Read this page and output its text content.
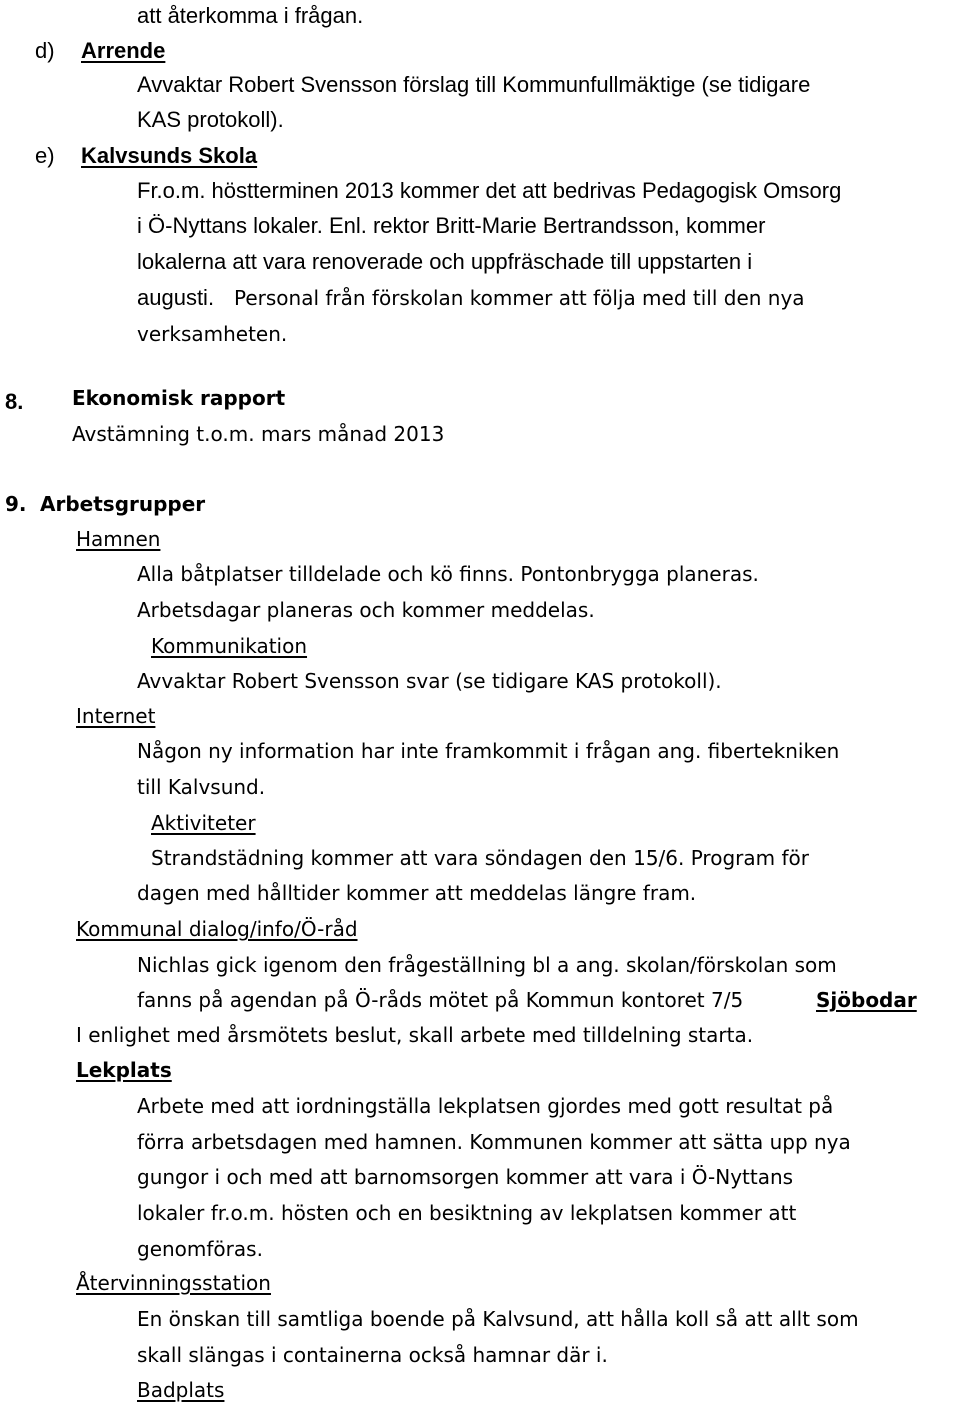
att återkomma i frågan.
d) Arrende
Avvaktar Robert Svensson förslag till Kommunfullmäktige (se tidigare
KAS protokoll).
e) Kalvsunds Skola
Fr.o.m. höstterminen 2013 kommer det att bedrivas Pedagogisk Omsorg
i Ö-Nyttans lokaler. Enl. rektor Britt-Marie Bertrandsson, kommer
lokalerna att vara renoverade och uppfräschade till uppstarten i
augusti. Personal från förskolan kommer att följa med till den nya
verksamheten.
8. Ekonomisk rapport
Avstämning t.o.m. mars månad 2013
9. Arbetsgrupper
Hamnen
Alla båtplatser tilldelade och kö finns. Pontonbrygga planeras.
Arbetsdagar planeras och kommer meddelas.
Kommunikation
Avvaktar Robert Svensson svar (se tidigare KAS protokoll).
Internet
Någon ny information har inte framkommit i frågan ang. fibertekniken
till Kalvsund.
Aktiviteter
Strandstädning kommer att vara söndagen den 15/6. Program för
dagen med hålltider kommer att meddelas längre fram.
Kommunal dialog/info/Ö-råd
Nichlas gick igenom den frågeställning bl a ang. skolan/förskolan som
fanns på agendan på Ö-råds mötet på Kommun kontoret 7/5	Sjöbodar
I enlighet med årsmötets beslut, skall arbete med tilldelning starta.
Lekplats
Arbete med att iordningställa lekplatsen gjordes med gott resultat på
förra arbetsdagen med hamnen. Kommunen kommer att sätta upp nya
gungor i och med att barnomsorgen kommer att vara i Ö-Nyttans
lokaler fr.o.m. hösten och en besiktning av lekplatsen kommer att
genomföras.
Återvinningsstation
En önskan till samtliga boende på Kalvsund, att hålla koll så att allt som
skall slängas i containerna också hamnar där i.
Badplats
